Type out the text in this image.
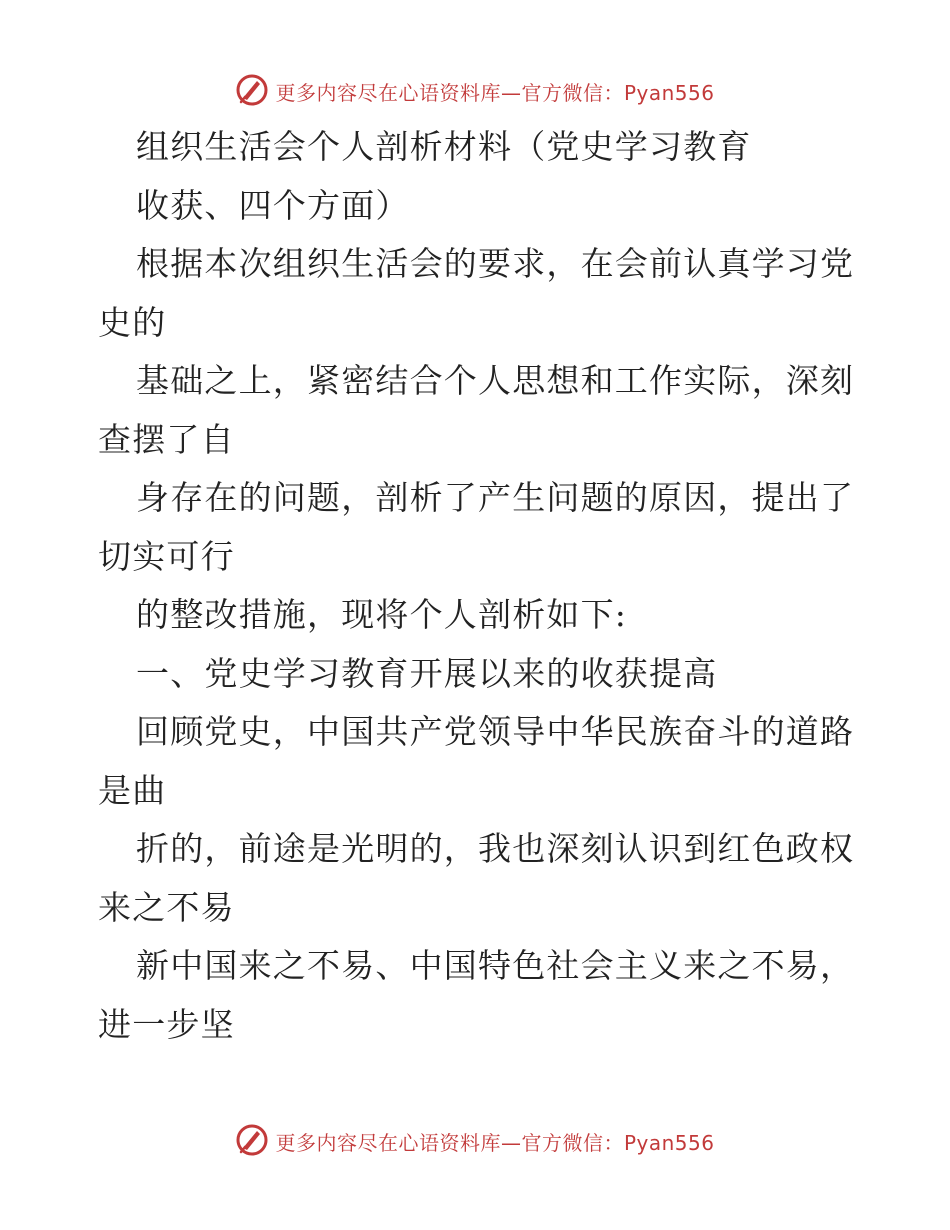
更多内容尽在心语资料库—官方微信：Pyan556
组织生活会个人剖析材料（党史学习教育
收获、四个方面）
根据本次组织生活会的要求，在会前认真学习党
史的
基础之上，紧密结合个人思想和工作实际，深刻
查摆了自
身存在的问题，剖析了产生问题的原因，提出了
切实可行
的整改措施，现将个人剖析如下:
一、党史学习教育开展以来的收获提高
回顾党史，中国共产党领导中华民族奋斗的道路
是曲
折的，前途是光明的，我也深刻认识到红色政权
来之不易
新中国来之不易、中国特色社会主义来之不易，
进一步坚
更多内容尽在心语资料库—官方微信：Pyan556
